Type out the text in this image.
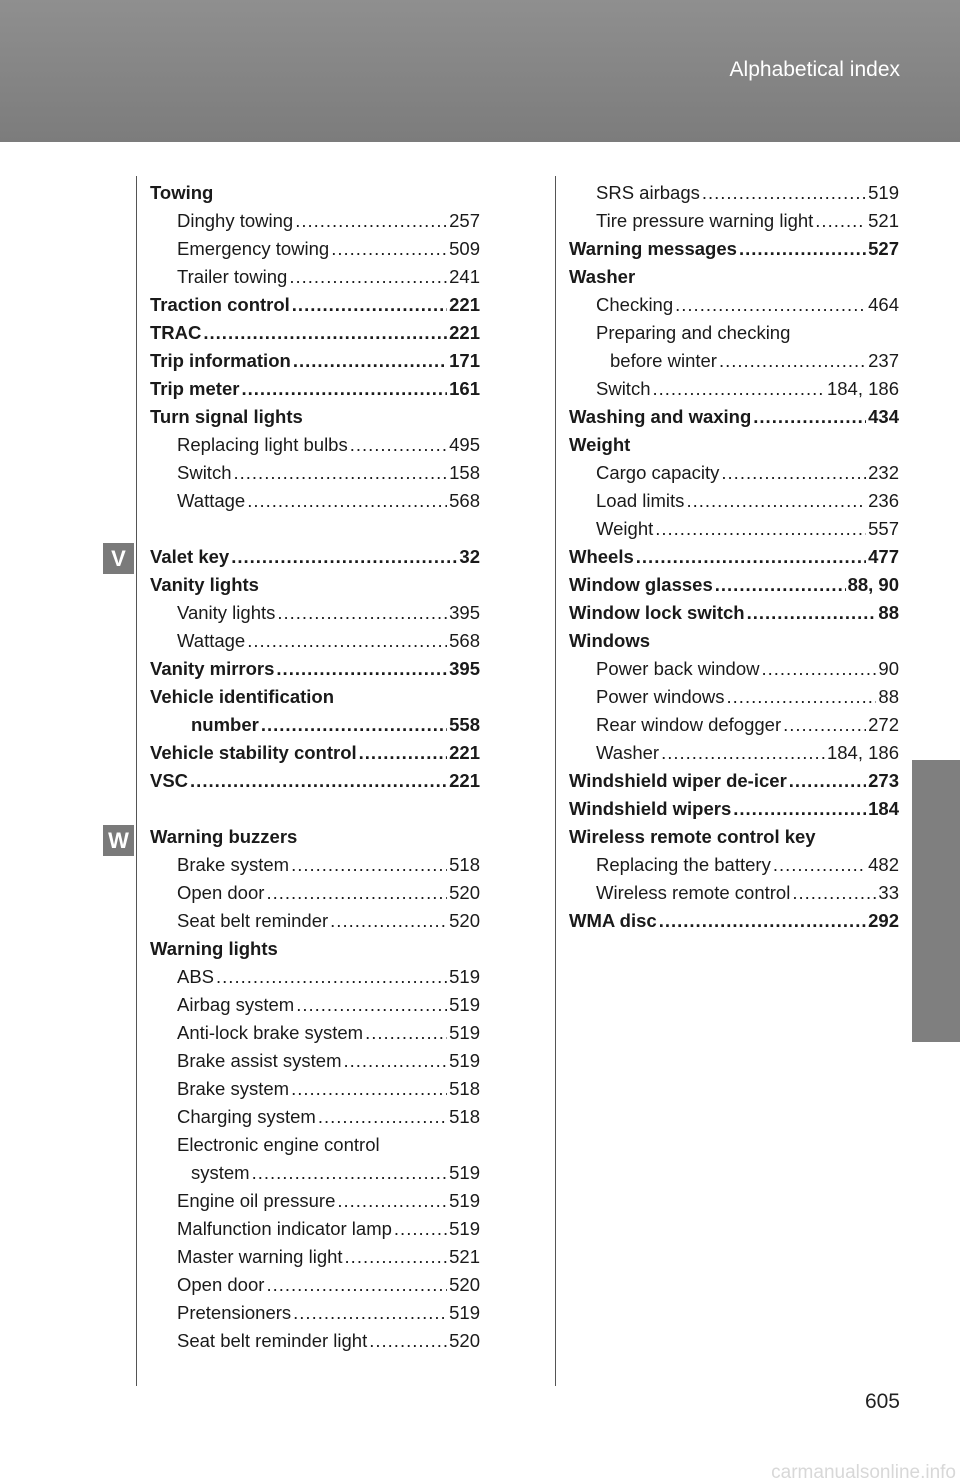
Alphabetical index
V
W
Towing
Dinghy towing .....	257
Emergency towing .....	509
Trailer towing .....	241
Traction control .....	221
TRAC .....	221
Trip information .....	171
Trip meter .....	161
Turn signal lights
Replacing light bulbs .....	495
Switch .....	158
Wattage .....	568
Valet key .....	32
Vanity lights
Vanity lights .....	395
Wattage .....	568
Vanity mirrors .....	395
Vehicle identification
number .....	558
Vehicle stability control .....	221
VSC .....	221
Warning buzzers
Brake system .....	518
Open door .....	520
Seat belt reminder .....	520
Warning lights
ABS .....	519
Airbag system .....	519
Anti-lock brake system .....	519
Brake assist system .....	519
Brake system .....	518
Charging system .....	518
Electronic engine control
system .....	519
Engine oil pressure .....	519
Malfunction indicator lamp .....	519
Master warning light .....	521
Open door .....	520
Pretensioners .....	519
Seat belt reminder light .....	520
SRS airbags .....	519
Tire pressure warning light .....	521
Warning messages .....	527
Washer
Checking .....	464
Preparing and checking
before winter .....	237
Switch .....	184, 186
Washing and waxing .....	434
Weight
Cargo capacity .....	232
Load limits .....	236
Weight .....	557
Wheels .....	477
Window glasses .....	88, 90
Window lock switch .....	88
Windows
Power back window .....	90
Power windows .....	88
Rear window defogger .....	272
Washer .....	184, 186
Windshield wiper de-icer .....	273
Windshield wipers .....	184
Wireless remote control key
Replacing the battery .....	482
Wireless remote control .....	33
WMA disc .....	292
605
carmanualsonline.info
